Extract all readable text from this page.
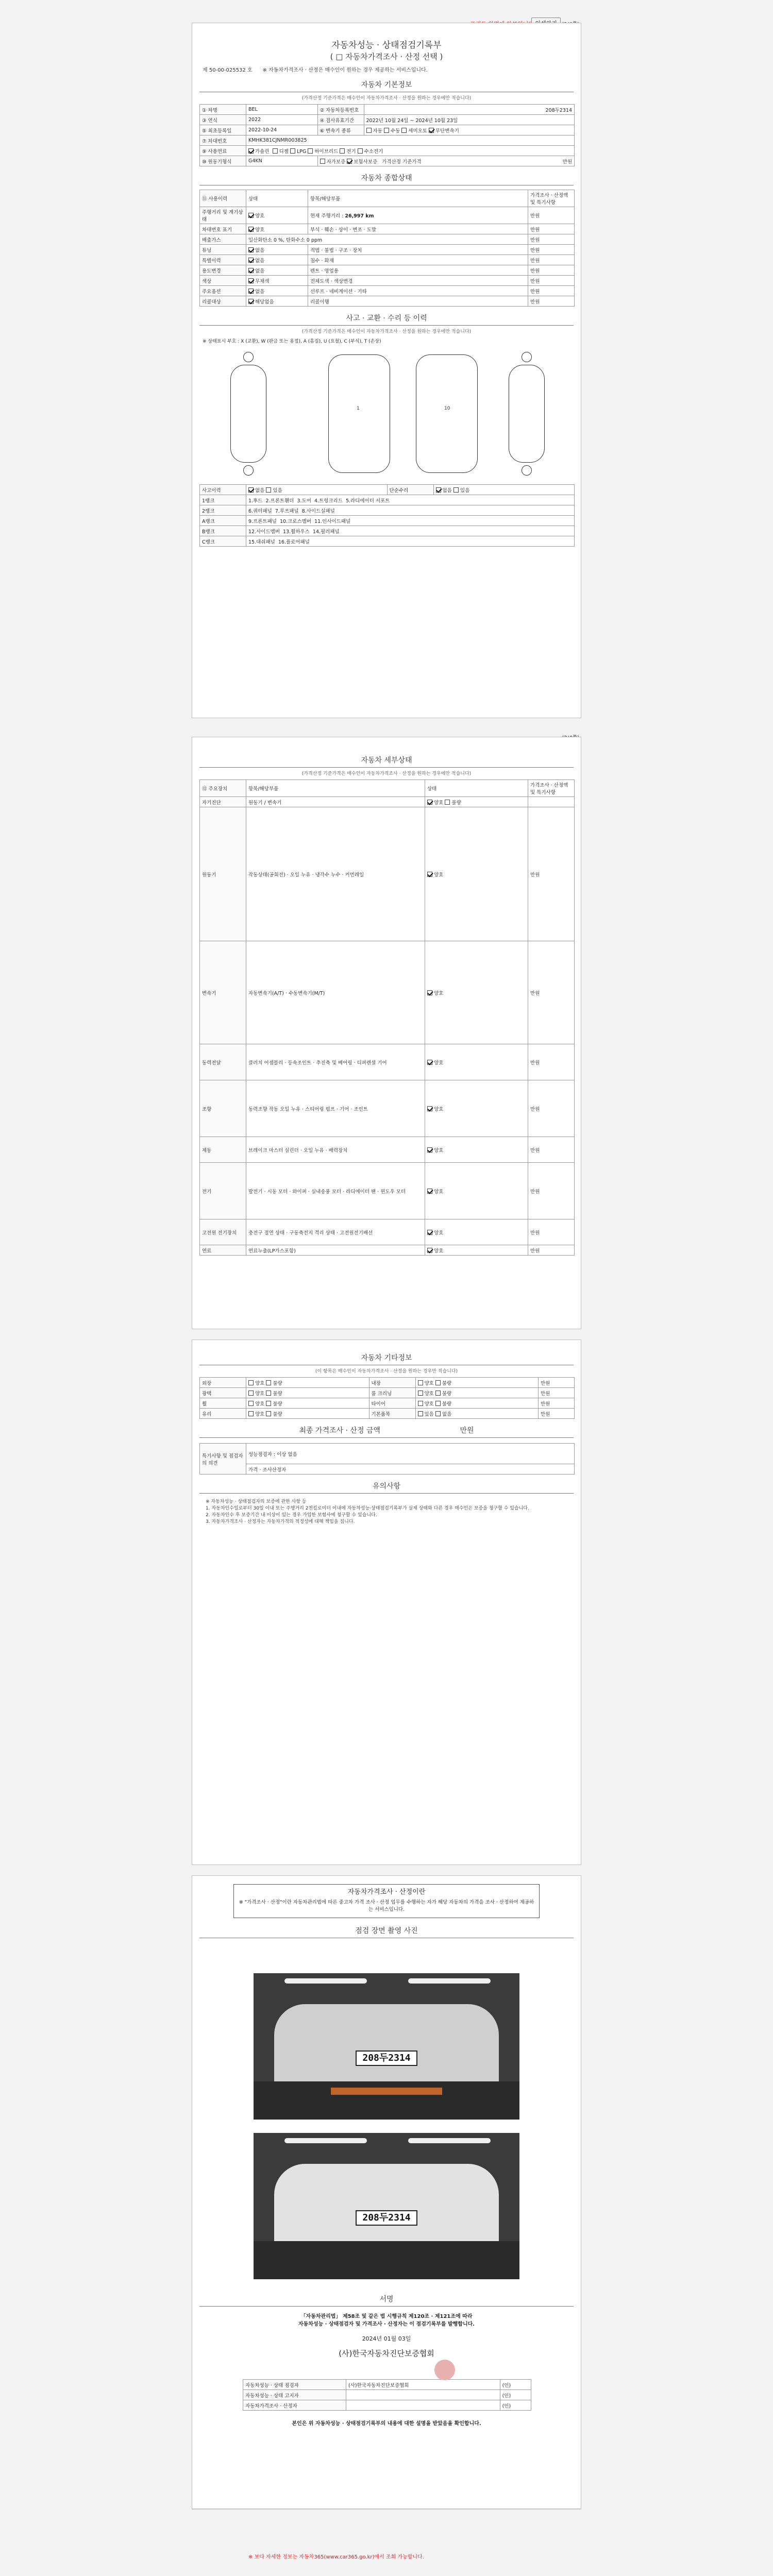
자동차성능 · 상태점검기록부
( □ 자동차가격조사 · 산정 선택 )
제 50-00-025532 호 ※ 자동차가격조사 · 산정은 매수인이 원하는 경우 제공하는 서비스입니다.
자동차 기본정보
(가격산정 기준가격은 매수인이 자동차가격조사 · 산정을 원하는 경우에만 적습니다)
① 차명	BEL	② 자동차등록번호	208두2314
③ 연식	2022	④ 검사유효기간	2022년 10월 24일 ~ 2024년 10월 23일
⑤ 최초등록일	2022-10-24	⑥ 변속기 종류	자동 수동 세미오토 무단변속기
⑦ 차대번호	KMHK381CJNMR003825		
⑨ 사용연료	가솔린 디젤 LPG 하이브리드 전기 수소전기		
⑩ 원동기형식	G4KN	자가보증 보험사보증 가격산정 기준가격 만원	
자동차 종합상태
⑪ 사용이력	상태	항목/해당부품	가격조사 · 산정액 및 특기사항
주행거리 및 계기상태	양호	현재 주행거리 : 26,997 km	만원
차대번호 표기	양호	부식 · 훼손 · 상이 · 변조 · 도말	만원
배출가스	일산화탄소 0 %, 탄화수소 0 ppm		만원
튜닝	없음	적법 · 불법 · 구조 · 장치	만원
특별이력	없음	침수 · 화재	만원
용도변경	없음	렌트 · 영업용	만원
색상	무채색	전체도색 · 색상변경	만원
주요옵션	없음	선루프 · 네비게이션 · 기타	만원
리콜대상	해당없음	리콜이행	만원
사고 · 교환 · 수리 등 이력
(가격산정 기준가격은 매수인이 자동차가격조사 · 산정을 원하는 경우에만 적습니다)
※ 상태표시 부호 : X (교환), W (판금 또는 용접), A (흠집), U (요철), C (부식), T (손상)
1	10
사고이력	없음 있음	단순수리	없음 있음
1랭크	1.후드 2.프론트휀더 3.도어 4.트렁크리드 5.라디에이터 서포트		
2랭크	6.쿼터패널 7.루프패널 8.사이드실패널		
A랭크	9.프론트패널 10.크로스멤버 11.인사이드패널		
B랭크	12.사이드멤버 13.휠하우스 14.필러패널		
C랭크	15.대쉬패널 16.플로어패널		
자동차 세부상태
(가격산정 기준가격은 매수인이 자동차가격조사 · 산정을 원하는 경우에만 적습니다)
⑫ 주요장치	항목/해당부품	상태	가격조사 · 산정액 및 특기사항
자기진단	원동기 / 변속기	양호 불량	
원동기	작동상태(공회전) · 오일 누유 · 냉각수 누수 · 커먼레일	양호	만원
변속기	자동변속기(A/T) · 수동변속기(M/T)	양호	만원
동력전달	클러치 어셈블리 · 등속조인트 · 추진축 및 베어링 · 디퍼렌셜 기어	양호	만원
조향	동력조향 작동 오일 누유 · 스티어링 펌프 · 기어 · 조인트	양호	만원
제동	브레이크 마스터 실린더 · 오일 누유 · 배력장치	양호	만원
전기	발전기 · 시동 모터 · 와이퍼 · 실내송풍 모터 · 라디에이터 팬 · 윈도우 모터	양호	만원
고전원 전기장치	충전구 절연 상태 · 구동축전지 격리 상태 · 고전원전기배선	양호	만원
연료	연료누출(LP가스포함)	양호	만원
자동차 기타정보
(이 항목은 매수인이 자동차가격조사 · 산정을 원하는 경우만 적습니다)
외장	양호 불량	내장	양호 불량	만원
광택	양호 불량	룸 크리닝	양호 불량	만원
휠	양호 불량	타이어	양호 불량	만원
유리	양호 불량	기본품목	있음 없음	만원
최종 가격조사 · 산정 금액	만원
특기사항 및 점검자의 의견	성능점검자 : 이상 없음
가격 · 조사산정자
유의사항
※ 자동차성능 · 상태점검자의 보증에 관한 사항 등
1. 자동차인수일로부터 30일 이내 또는 주행거리 2천킬로미터 이내에 자동차성능·상태점검기록부가 실제 상태와 다른 경우 매수인은 보증을 청구할 수 있습니다.
2. 자동차인수 후 보증기간 내 이상이 있는 경우 가입한 보험사에 청구할 수 있습니다.
3. 자동차가격조사 · 산정자는 자동차가격의 적정성에 대해 책임을 집니다.
자동차가격조사 · 산정이란
※ "가격조사 · 산정"이란 자동차관리법에 따른 중고차 가격 조사 · 산정 업무를 수행하는 자가 해당 자동차의 가격을 조사 · 산정하여 제공하는 서비스입니다.
점검 장면 촬영 사진
208두2314
208두2314
서명
「자동차관리법」 제58조 및 같은 법 시행규칙 제120조 · 제121조에 따라
자동차성능 · 상태점검자 및 가격조사 · 산정자는 이 점검기록부를 발행합니다.
2024년 01월 03일
(사)한국자동차진단보증협회
자동차성능 · 상태 점검자	(사)한국자동차진단보증협회	(인)
자동차성능 · 상태 고지자		(인)
자동차가격조사 · 산정자		(인)
본인은 위 자동차성능 · 상태점검기록부의 내용에 대한 설명을 받았음을 확인합니다.
※ 보다 자세한 정보는 자동차365(www.car365.go.kr)에서 조회 가능합니다.
